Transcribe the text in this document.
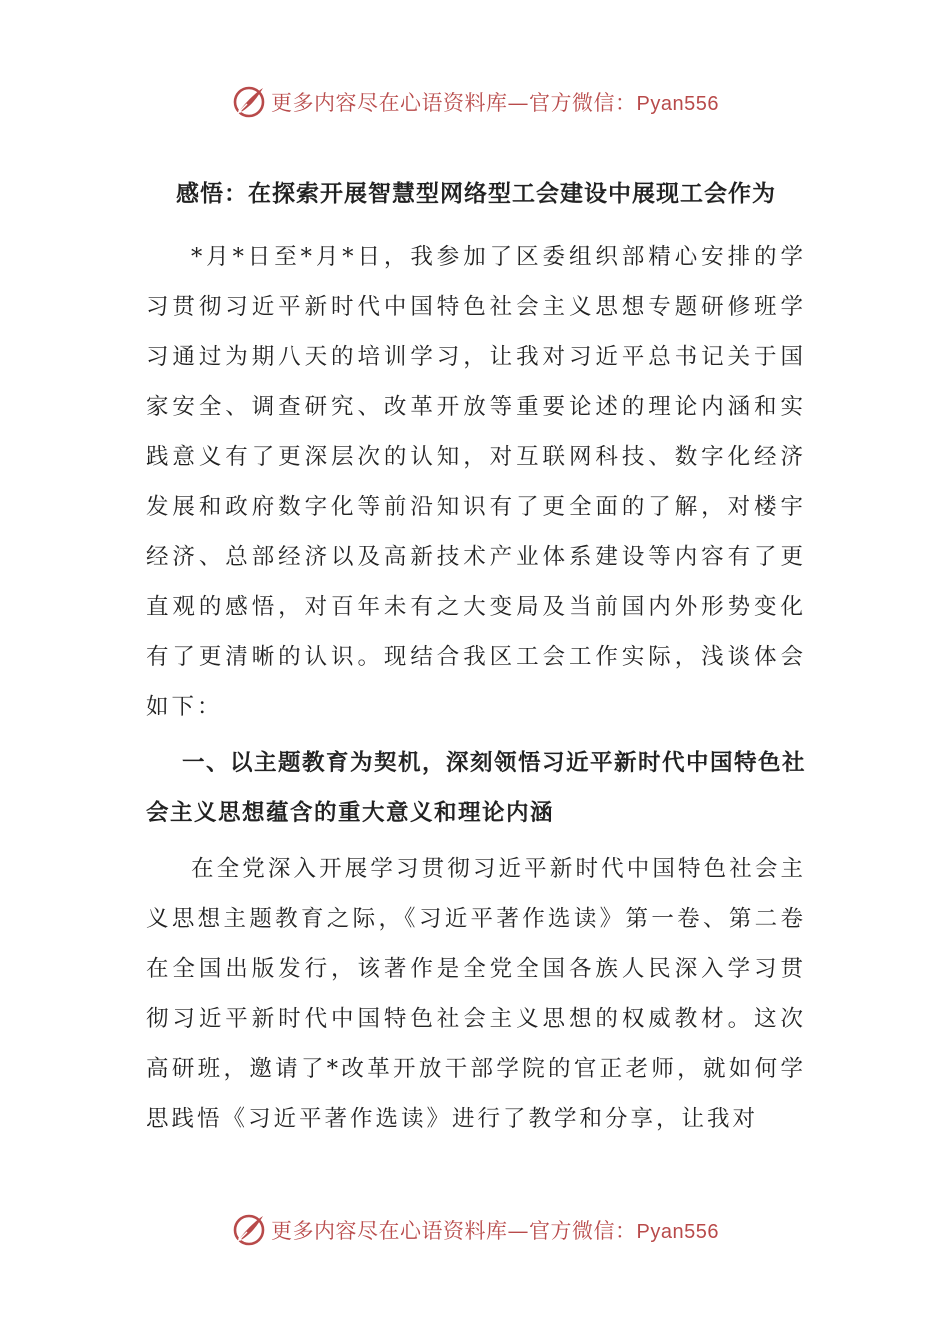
更多内容尽在心语资料库—官方微信：Pyan556

感悟：在探索开展智慧型网络型工会建设中展现工会作为

*月*日至*月*日，我参加了区委组织部精心安排的学习贯彻习近平新时代中国特色社会主义思想专题研修班学习通过为期八天的培训学习，让我对习近平总书记关于国家安全、调查研究、改革开放等重要论述的理论内涵和实践意义有了更深层次的认知，对互联网科技、数字化经济发展和政府数字化等前沿知识有了更全面的了解，对楼宇经济、总部经济以及高新技术产业体系建设等内容有了更直观的感悟，对百年未有之大变局及当前国内外形势变化有了更清晰的认识。现结合我区工会工作实际，浅谈体会如下：

一、以主题教育为契机，深刻领悟习近平新时代中国特色社会主义思想蕴含的重大意义和理论内涵

在全党深入开展学习贯彻习近平新时代中国特色社会主义思想主题教育之际，《习近平著作选读》第一卷、第二卷在全国出版发行，该著作是全党全国各族人民深入学习贯彻习近平新时代中国特色社会主义思想的权威教材。这次高研班，邀请了*改革开放干部学院的官正老师，就如何学思践悟《习近平著作选读》进行了教学和分享，让我对

更多内容尽在心语资料库—官方微信：Pyan556
